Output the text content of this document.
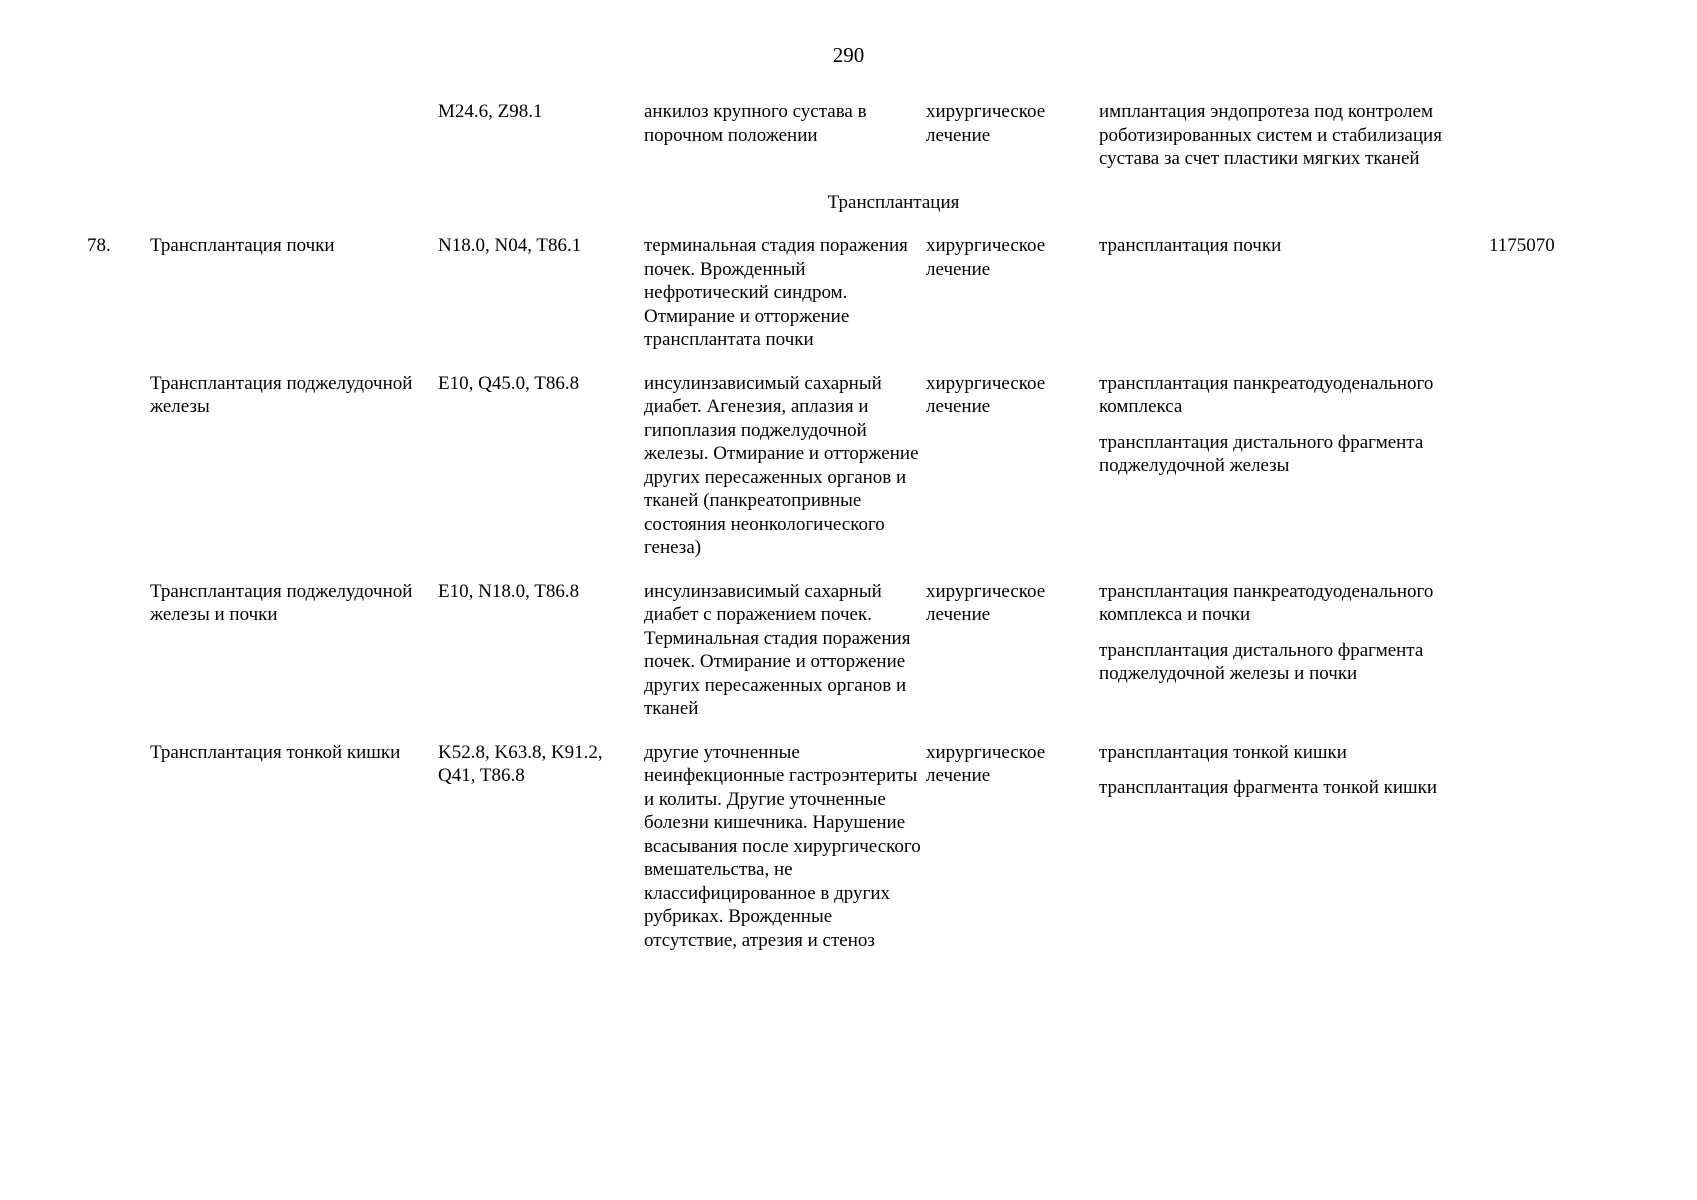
290
		M24.6, Z98.1	анкилоз крупного сустава в порочном положении	хирургическое лечение	имплантация эндопротеза под контролем роботизированных систем и стабилизация сустава за счет пластики мягких тканей	

Трансплантация						
78.	Трансплантация почки	N18.0, N04, T86.1	терминальная стадия поражения почек. Врожденный нефротический синдром. Отмирание и отторжение трансплантата почки	хирургическое лечение	трансплантация почки	1175070
	Трансплантация поджелудочной железы	E10, Q45.0, T86.8	инсулинзависимый сахарный диабет. Агенезия, аплазия и гипоплазия поджелудочной железы. Отмирание и отторжение других пересаженных органов и тканей (панкреатопривные состояния неонкологического генеза)	хирургическое лечение	трансплантация панкреатодуоденального комплекса
трансплантация дистального фрагмента поджелудочной железы	

	Трансплантация поджелудочной железы и почки	E10, N18.0, T86.8	инсулинзависимый сахарный диабет с поражением почек. Терминальная стадия поражения почек. Отмирание и отторжение других пересаженных органов и тканей	хирургическое лечение	трансплантация панкреатодуоденального комплекса и почки
трансплантация дистального фрагмента поджелудочной железы и почки	

	Трансплантация тонкой кишки	K52.8, K63.8, K91.2, Q41, T86.8	другие уточненные неинфекционные гастроэнтериты и колиты. Другие уточненные болезни кишечника. Нарушение всасывания после хирургического вмешательства, не классифицированное в других рубриках. Врожденные отсутствие, атрезия и стеноз	хирургическое лечение	трансплантация тонкой кишки
трансплантация фрагмента тонкой кишки	
